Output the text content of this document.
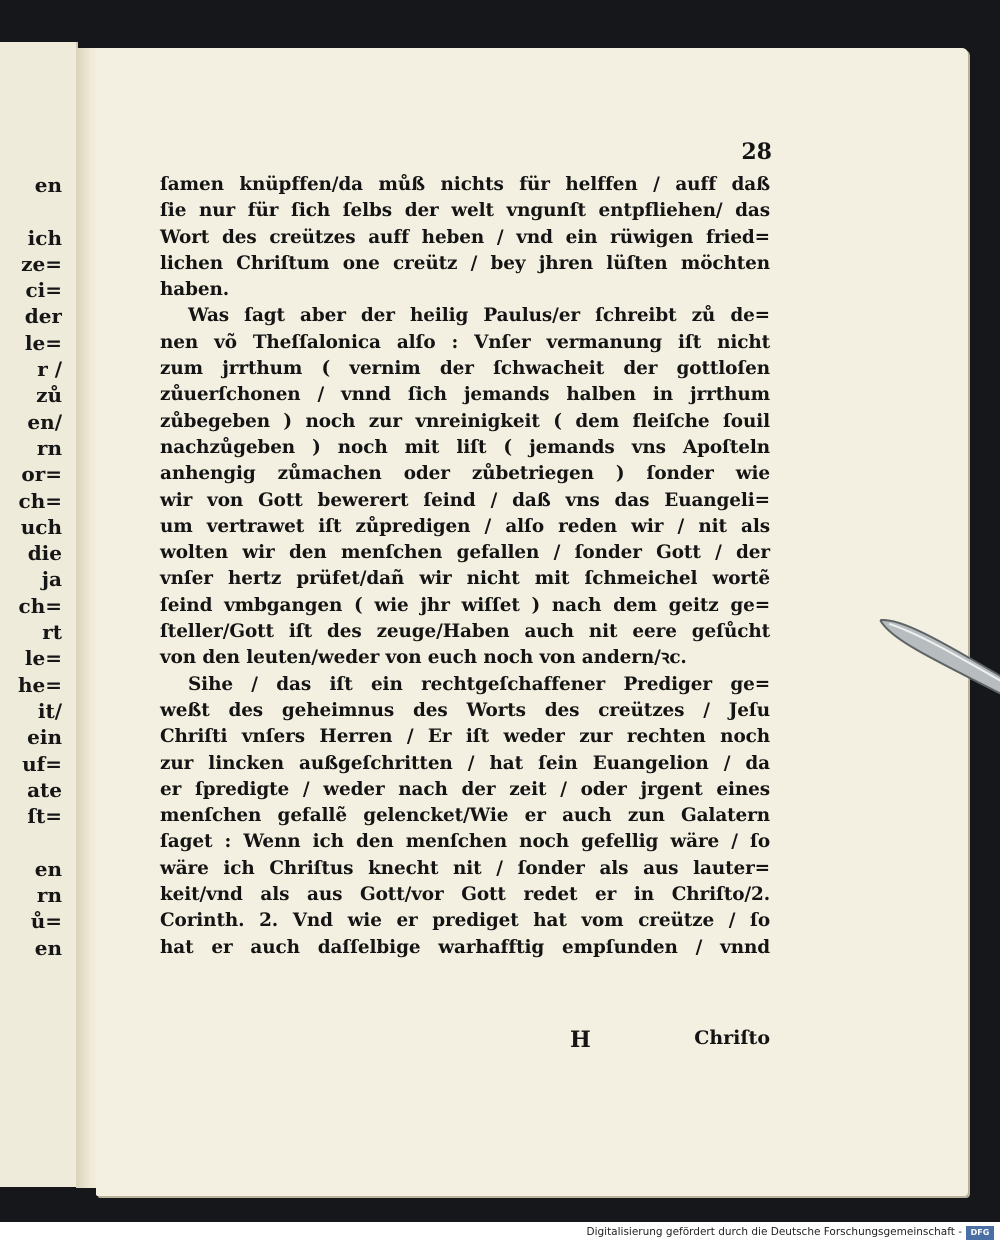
en
ich
ze=
ci=
der
le=
r /
zů
en/
rn
or=
ch=
uch
die
ja
ch=
rt
le=
he=
it/
ein
uf=
ate
ſt=
en
rn
ů=
en
28
ſamen knüpffen/da můß nichts für helffen / auff daß
ſie nur für ſich ſelbs der welt vngunſt entpfliehen/ das
Wort des creützes auff heben / vnd ein rüwigen fried=
lichen Chriſtum one creütz / bey jhren lüſten möchten
haben.
Was ſagt aber der heilig Paulus/er ſchreibt zů de=
nen võ Theſſalonica alſo : Vnſer vermanung iſt nicht
zum jrrthum ( vernim der ſchwacheit der gottloſen
zůuerſchonen / vnnd ſich jemands halben in jrrthum
zůbegeben ) noch zur vnreinigkeit ( dem fleiſche ſouil
nachzůgeben ) noch mit liſt ( jemands vns Apoſteln
anhengig zůmachen oder zůbetriegen ) ſonder wie
wir von Gott bewerert ſeind / daß vns das Euangeli=
um vertrawet iſt zůpredigen / alſo reden wir / nit als
wolten wir den menſchen gefallen / ſonder Gott / der
vnſer hertz prüfet/dañ wir nicht mit ſchmeichel wortẽ
ſeind vmbgangen ( wie jhr wiſſet ) nach dem geitz ge=
ſteller/Gott iſt des zeuge/Haben auch nit eere geſůcht
von den leuten/weder von euch noch von andern/ꝛc.
Sihe / das iſt ein rechtgeſchaffener Prediger ge=
weßt des geheimnus des Worts des creützes / Jeſu
Chriſti vnſers Herren / Er iſt weder zur rechten noch
zur lincken außgeſchritten / hat ſein Euangelion / da
er ſpredigte / weder nach der zeit / oder jrgent eines
menſchen gefallẽ gelencket/Wie er auch zun Galatern
ſaget : Wenn ich den menſchen noch gefellig wäre / ſo
wäre ich Chriſtus knecht nit / ſonder als aus lauter=
keit/vnd als aus Gott/vor Gott redet er in Chriſto/2.
Corinth. 2. Vnd wie er prediget hat vom creütze / ſo
hat er auch daſſelbige warhafftig empſunden / vnnd
H	Chriſto
Digitalisierung gefördert durch die Deutsche Forschungsgemeinschaft -	DFG
